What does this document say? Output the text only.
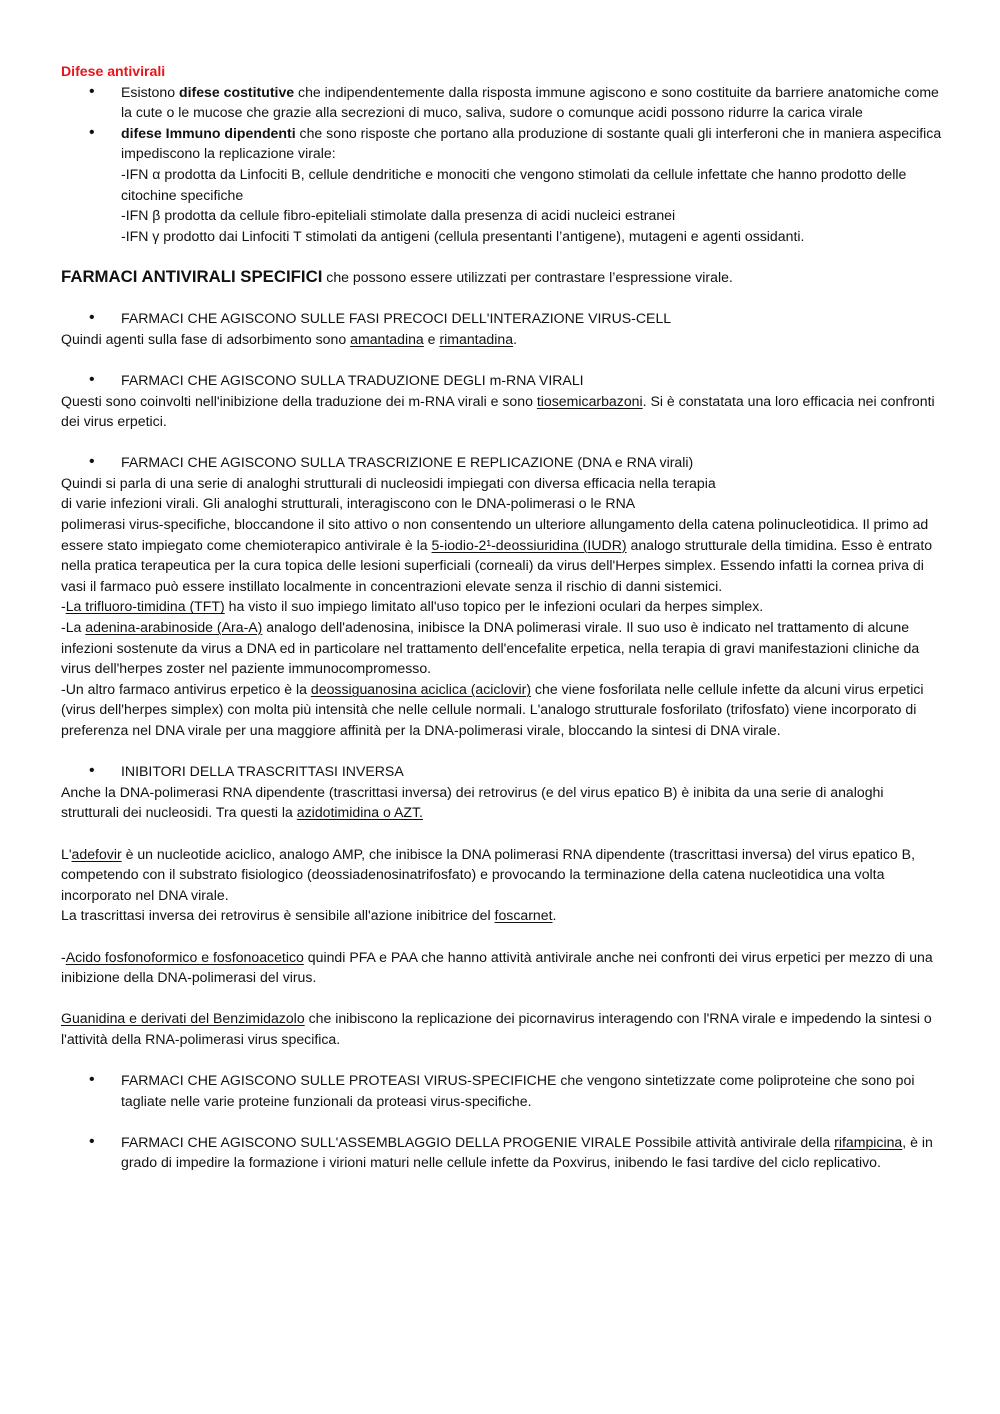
Difese antivirali

• Esistono difese costitutive che indipendentemente dalla risposta immune agiscono e sono costituite da barriere anatomiche come la cute o le mucose che grazie alla secrezioni di muco, saliva, sudore o comunque acidi possono ridurre la carica virale
• difese Immuno dipendenti che sono risposte che portano alla produzione di sostante quali gli interferoni che in maniera aspecifica impediscono la replicazione virale:

-IFN α prodotta da Linfociti B, cellule dendritiche e monociti che vengono stimolati da cellule infettate che hanno prodotto delle citochine specifiche

-IFN β prodotta da cellule fibro-epiteliali stimolate dalla presenza di acidi nucleici estranei

-IFN γ prodotto dai Linfociti T stimolati da antigeni (cellula presentanti l’antigene), mutageni e agenti ossidanti.

FARMACI ANTIVIRALI SPECIFICI che possono essere utilizzati per contrastare l’espressione virale.

• FARMACI CHE AGISCONO SULLE FASI PRECOCI DELL'INTERAZIONE VIRUS-CELL

Quindi agenti sulla fase di adsorbimento sono amantadina e rimantadina.

• FARMACI CHE AGISCONO SULLA TRADUZIONE DEGLI m-RNA VIRALI

Questi sono coinvolti nell'inibizione della traduzione dei m-RNA virali e sono tiosemicarbazoni. Si è constatata una loro efficacia nei confronti dei virus erpetici.

• FARMACI CHE AGISCONO SULLA TRASCRIZIONE E REPLICAZIONE (DNA e RNA virali)

Quindi si parla di una serie di analoghi strutturali di nucleosidi impiegati con diversa efficacia nella terapia

di varie infezioni virali. Gli analoghi strutturali, interagiscono con le DNA-polimerasi o le RNA

polimerasi virus-specifiche, bloccandone il sito attivo o non consentendo un ulteriore allungamento della catena polinucleotidica. Il primo ad essere stato impiegato come chemioterapico antivirale è la 5-iodio-2¹-deossiuridina (IUDR) analogo strutturale della timidina. Esso è entrato nella pratica terapeutica per la cura topica delle lesioni superficiali (corneali) da virus dell'Herpes simplex. Essendo infatti la cornea priva di vasi il farmaco può essere instillato localmente in concentrazioni elevate senza il rischio di danni sistemici.

-La trifluoro-timidina (TFT) ha visto il suo impiego limitato all'uso topico per le infezioni oculari da herpes simplex.

-La adenina-arabinoside (Ara-A) analogo dell'adenosina, inibisce la DNA polimerasi virale. Il suo uso è indicato nel trattamento di alcune infezioni sostenute da virus a DNA ed in particolare nel trattamento dell'encefalite erpetica, nella terapia di gravi manifestazioni cliniche da virus dell'herpes zoster nel paziente immunocompromesso.

-Un altro farmaco antivirus erpetico è la deossiguanosina aciclica (aciclovir) che viene fosforilata nelle cellule infette da alcuni virus erpetici (virus dell'herpes simplex) con molta più intensità che nelle cellule normali. L'analogo strutturale fosforilato (trifosfato) viene incorporato di preferenza nel DNA virale per una maggiore affinità per la DNA-polimerasi virale, bloccando la sintesi di DNA virale.

• INIBITORI DELLA TRASCRITTASI INVERSA

Anche la DNA-polimerasi RNA dipendente (trascrittasi inversa) dei retrovirus (e del virus epatico B) è inibita da una serie di analoghi strutturali dei nucleosidi. Tra questi la azidotimidina o AZT.

L'adefovir è un nucleotide aciclico, analogo AMP, che inibisce la DNA polimerasi RNA dipendente (trascrittasi inversa) del virus epatico B, competendo con il substrato fisiologico (deossiadenosinatrifosfato) e provocando la terminazione della catena nucleotidica una volta incorporato nel DNA virale.

La trascrittasi inversa dei retrovirus è sensibile all'azione inibitrice del foscarnet.

-Acido fosfonoformico e fosfonoacetico quindi PFA e PAA che hanno attività antivirale anche nei confronti dei virus erpetici per mezzo di una inibizione della DNA-polimerasi del virus.

Guanidina e derivati del Benzimidazolo che inibiscono la replicazione dei picornavirus interagendo con l'RNA virale e impedendo la sintesi o l'attività della RNA-polimerasi virus specifica.

• FARMACI CHE AGISCONO SULLE PROTEASI VIRUS-SPECIFICHE che vengono sintetizzate come poliproteine che sono poi tagliate nelle varie proteine funzionali da proteasi virus-specifiche.
• FARMACI CHE AGISCONO SULL'ASSEMBLAGGIO DELLA PROGENIE VIRALE Possibile attività antivirale della rifampicina, è in grado di impedire la formazione i virioni maturi nelle cellule infette da Poxvirus, inibendo le fasi tardive del ciclo replicativo.
